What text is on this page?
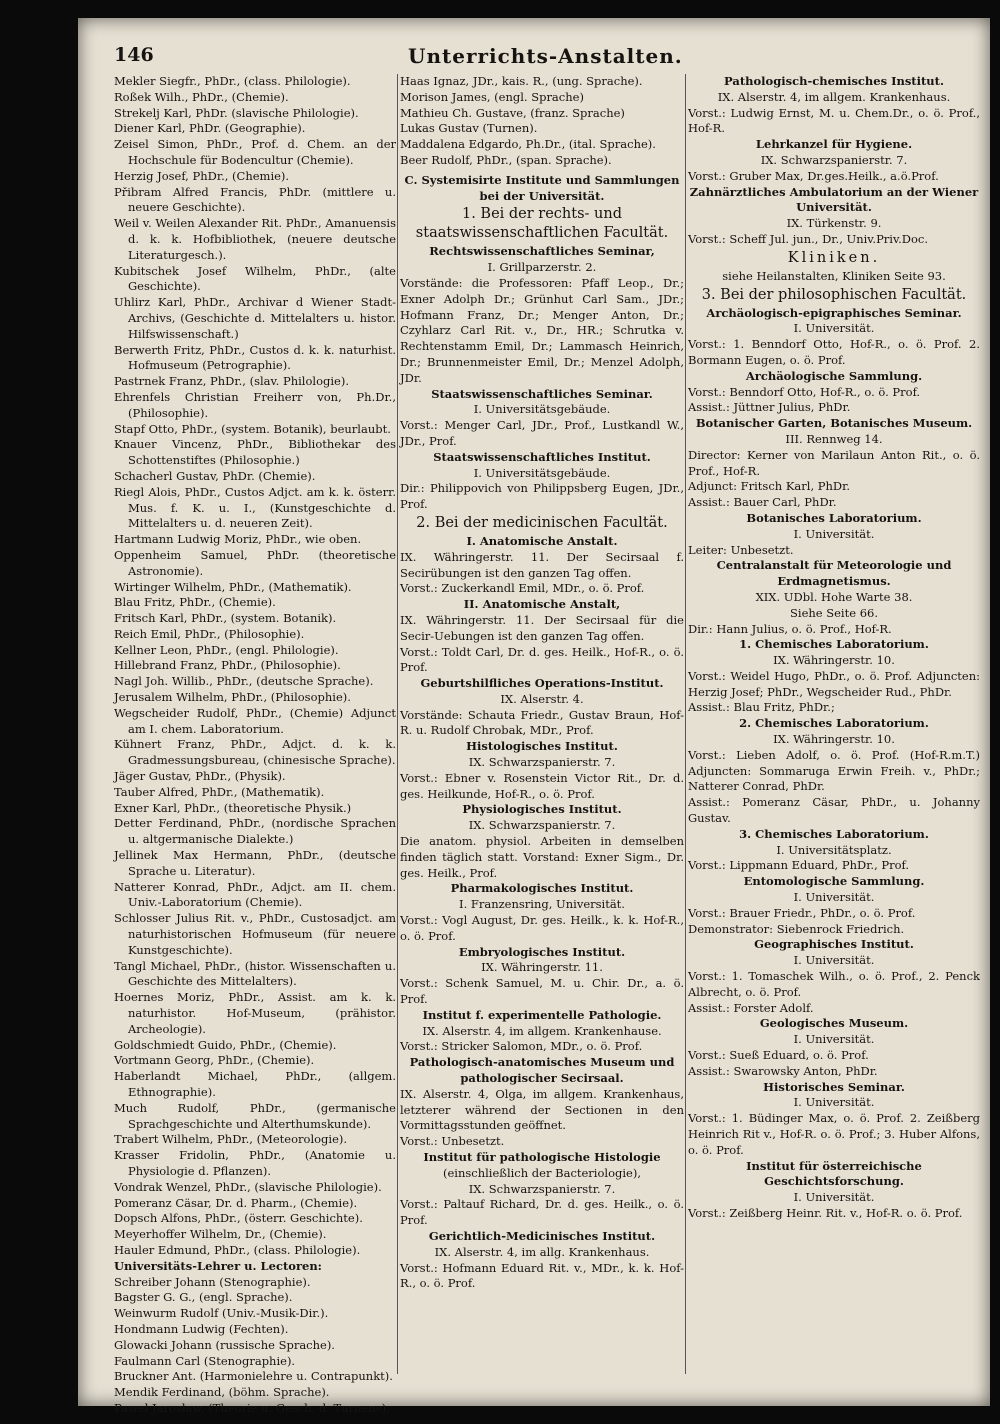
146	Unterrichts-Anstalten.

Mekler Siegfr., PhDr., (class. Philologie).

Roßek Wilh., PhDr., (Chemie).

Strekelj Karl, PhDr. (slavische Philologie).

Diener Karl, PhDr. (Geographie).

Zeisel Simon, PhDr., Prof. d. Chem. an der Hochschule für Bodencultur (Chemie).

Herzig Josef, PhDr., (Chemie).

Přibram Alfred Francis, PhDr. (mittlere u. neuere Geschichte).

Weil v. Weilen Alexander Rit. PhDr., Amanuensis d. k. k. Hofbibliothek, (neuere deutsche Literaturgesch.).

Kubitschek Josef Wilhelm, PhDr., (alte Geschichte).

Uhlirz Karl, PhDr., Archivar d Wiener Stadt-Archivs, (Geschichte d. Mittelalters u. histor. Hilfswissenschaft.)

Berwerth Fritz, PhDr., Custos d. k. k. naturhist. Hofmuseum (Petrographie).

Pastrnek Franz, PhDr., (slav. Philologie).

Ehrenfels Christian Freiherr von, Ph.Dr., (Philosophie).

Stapf Otto, PhDr., (system. Botanik), beurlaubt.

Knauer Vincenz, PhDr., Bibliothekar des Schottenstiftes (Philosophie.)

Schacherl Gustav, PhDr. (Chemie).

Riegl Alois, PhDr., Custos Adjct. am k. k. österr. Mus. f. K. u. I., (Kunstgeschichte d. Mittelalters u. d. neueren Zeit).

Hartmann Ludwig Moriz, PhDr., wie oben.

Oppenheim Samuel, PhDr. (theoretische Astronomie).

Wirtinger Wilhelm, PhDr., (Mathematik).

Blau Fritz, PhDr., (Chemie).

Fritsch Karl, PhDr., (system. Botanik).

Reich Emil, PhDr., (Philosophie).

Kellner Leon, PhDr., (engl. Philologie).

Hillebrand Franz, PhDr., (Philosophie).

Nagl Joh. Willib., PhDr., (deutsche Sprache).

Jerusalem Wilhelm, PhDr., (Philosophie).

Wegscheider Rudolf, PhDr., (Chemie) Adjunct am I. chem. Laboratorium.

Kühnert Franz, PhDr., Adjct. d. k. k. Gradmessungsbureau, (chinesische Sprache).

Jäger Gustav, PhDr., (Physik).

Tauber Alfred, PhDr., (Mathematik).

Exner Karl, PhDr., (theoretische Physik.)

Detter Ferdinand, PhDr., (nordische Sprachen u. altgermanische Dialekte.)

Jellinek Max Hermann, PhDr., (deutsche Sprache u. Literatur).

Natterer Konrad, PhDr., Adjct. am II. chem. Univ.-Laboratorium (Chemie).

Schlosser Julius Rit. v., PhDr., Custosadjct. am naturhistorischen Hofmuseum (für neuere Kunstgeschichte).

Tangl Michael, PhDr., (histor. Wissenschaften u. Geschichte des Mittelalters).

Hoernes Moriz, PhDr., Assist. am k. k. naturhistor. Hof-Museum, (prähistor. Archeologie).

Goldschmiedt Guido, PhDr., (Chemie).

Vortmann Georg, PhDr., (Chemie).

Haberlandt Michael, PhDr., (allgem. Ethnographie).

Much Rudolf, PhDr., (germanische Sprachgeschichte und Alterthumskunde).

Trabert Wilhelm, PhDr., (Meteorologie).

Krasser Fridolin, PhDr., (Anatomie u. Physiologie d. Pflanzen).

Vondrak Wenzel, PhDr., (slavische Philologie).

Pomeranz Cäsar, Dr. d. Pharm., (Chemie).

Dopsch Alfons, PhDr., (österr. Geschichte).

Meyerhoffer Wilhelm, Dr., (Chemie).

Hauler Edmund, PhDr., (class. Philologie).

Universitäts-Lehrer u. Lectoren:

Schreiber Johann (Stenographie).

Bagster G. G., (engl. Sprache).

Weinwurm Rudolf (Univ.-Musik-Dir.).

Hondmann Ludwig (Fechten).

Glowacki Johann (russische Sprache).

Faulmann Carl (Stenographie).

Bruckner Ant. (Harmonielehre u. Contrapunkt).

Mendik Ferdinand, (böhm. Sprache).

Pawel Jaroslaw, (Theorie u. Gesch. d. Turnens).

Haas Ignaz, JDr., kais. R., (ung. Sprache).

Morison James, (engl. Sprache)

Mathieu Ch. Gustave, (franz. Sprache)

Lukas Gustav (Turnen).

Maddalena Edgardo, Ph.Dr., (ital. Sprache).

Beer Rudolf, PhDr., (span. Sprache).

C. Systemisirte Institute und Sammlungen bei der Universität.

1. Bei der rechts- und staatswissenschaftlichen Facultät.

Rechtswissenschaftliches Seminar,

I. Grillparzerstr. 2.

Vorstände: die Professoren: Pfaff Leop., Dr.; Exner Adolph Dr.; Grünhut Carl Sam., JDr.; Hofmann Franz, Dr.; Menger Anton, Dr.; Czyhlarz Carl Rit. v., Dr., HR.; Schrutka v. Rechtenstamm Emil, Dr.; Lammasch Heinrich, Dr.; Brunnenmeister Emil, Dr.; Menzel Adolph, JDr.

Staatswissenschaftliches Seminar.

I. Universitätsgebäude.

Vorst.: Menger Carl, JDr., Prof., Lustkandl W., JDr., Prof.

Staatswissenschaftliches Institut.

I. Universitätsgebäude.

Dir.: Philippovich von Philippsberg Eugen, JDr., Prof.

2. Bei der medicinischen Facultät.

I. Anatomische Anstalt.

IX. Währingerstr. 11. Der Secirsaal f. Secirübungen ist den ganzen Tag offen.

Vorst.: Zuckerkandl Emil, MDr., o. ö. Prof.

II. Anatomische Anstalt,

IX. Währingerstr. 11. Der Secirsaal für die Secir-Uebungen ist den ganzen Tag offen.

Vorst.: Toldt Carl, Dr. d. ges. Heilk., Hof-R., o. ö. Prof.

Geburtshilfliches Operations-Institut.

IX. Alserstr. 4.

Vorstände: Schauta Friedr., Gustav Braun, Hof-R. u. Rudolf Chrobak, MDr., Prof.

Histologisches Institut.

IX. Schwarzspanierstr. 7.

Vorst.: Ebner v. Rosenstein Victor Rit., Dr. d. ges. Heilkunde, Hof-R., o. ö. Prof.

Physiologisches Institut.

IX. Schwarzspanierstr. 7.

Die anatom. physiol. Arbeiten in demselben finden täglich statt. Vorstand: Exner Sigm., Dr. ges. Heilk., Prof.

Pharmakologisches Institut.

I. Franzensring, Universität.

Vorst.: Vogl August, Dr. ges. Heilk., k. k. Hof-R., o. ö. Prof.

Embryologisches Institut.

IX. Währingerstr. 11.

Vorst.: Schenk Samuel, M. u. Chir. Dr., a. ö. Prof.

Institut f. experimentelle Pathologie.

IX. Alserstr. 4, im allgem. Krankenhause.

Vorst.: Stricker Salomon, MDr., o. ö. Prof.

Pathologisch-anatomisches Museum und pathologischer Secirsaal.

IX. Alserstr. 4, Olga, im allgem. Krankenhaus, letzterer während der Sectionen in den Vormittagsstunden geöffnet.

Vorst.: Unbesetzt.

Institut für pathologische Histologie

(einschließlich der Bacteriologie),

IX. Schwarzspanierstr. 7.

Vorst.: Paltauf Richard, Dr. d. ges. Heilk., o. ö. Prof.

Gerichtlich-Medicinisches Institut.

IX. Alserstr. 4, im allg. Krankenhaus.

Vorst.: Hofmann Eduard Rit. v., MDr., k. k. Hof-R., o. ö. Prof.

Pathologisch-chemisches Institut.

IX. Alserstr. 4, im allgem. Krankenhaus.

Vorst.: Ludwig Ernst, M. u. Chem.Dr., o. ö. Prof., Hof-R.

Lehrkanzel für Hygiene.

IX. Schwarzspanierstr. 7.

Vorst.: Gruber Max, Dr.ges.Heilk., a.ö.Prof.

Zahnärztliches Ambulatorium an der Wiener Universität.

IX. Türkenstr. 9.

Vorst.: Scheff Jul. jun., Dr., Univ.Priv.Doc.

Kliniken.

siehe Heilanstalten, Kliniken Seite 93.

3. Bei der philosophischen Facultät.

Archäologisch-epigraphisches Seminar.

I. Universität.

Vorst.: 1. Benndorf Otto, Hof-R., o. ö. Prof. 2. Bormann Eugen, o. ö. Prof.

Archäologische Sammlung.

Vorst.: Benndorf Otto, Hof-R., o. ö. Prof.

Assist.: Jüttner Julius, PhDr.

Botanischer Garten, Botanisches Museum.

III. Rennweg 14.

Director: Kerner von Marilaun Anton Rit., o. ö. Prof., Hof-R.

Adjunct: Fritsch Karl, PhDr.

Assist.: Bauer Carl, PhDr.

Botanisches Laboratorium.

I. Universität.

Leiter: Unbesetzt.

Centralanstalt für Meteorologie und Erdmagnetismus.

XIX. UDbl. Hohe Warte 38.

Siehe Seite 66.

Dir.: Hann Julius, o. ö. Prof., Hof-R.

1. Chemisches Laboratorium.

IX. Währingerstr. 10.

Vorst.: Weidel Hugo, PhDr., o. ö. Prof. Adjuncten: Herzig Josef; PhDr., Wegscheider Rud., PhDr.

Assist.: Blau Fritz, PhDr.;

2. Chemisches Laboratorium.

IX. Währingerstr. 10.

Vorst.: Lieben Adolf, o. ö. Prof. (Hof-R.m.T.) Adjuncten: Sommaruga Erwin Freih. v., PhDr.; Natterer Conrad, PhDr.

Assist.: Pomeranz Cäsar, PhDr., u. Johanny Gustav.

3. Chemisches Laboratorium.

I. Universitätsplatz.

Vorst.: Lippmann Eduard, PhDr., Prof.

Entomologische Sammlung.

I. Universität.

Vorst.: Brauer Friedr., PhDr., o. ö. Prof.

Demonstrator: Siebenrock Friedrich.

Geographisches Institut.

I. Universität.

Vorst.: 1. Tomaschek Wilh., o. ö. Prof., 2. Penck Albrecht, o. ö. Prof.

Assist.: Forster Adolf.

Geologisches Museum.

I. Universität.

Vorst.: Sueß Eduard, o. ö. Prof.

Assist.: Swarowsky Anton, PhDr.

Historisches Seminar.

I. Universität.

Vorst.: 1. Büdinger Max, o. ö. Prof. 2. Zeißberg Heinrich Rit v., Hof-R. o. ö. Prof.; 3. Huber Alfons, o. ö. Prof.

Institut für österreichische Geschichtsforschung.

I. Universität.

Vorst.: Zeißberg Heinr. Rit. v., Hof-R. o. ö. Prof.
